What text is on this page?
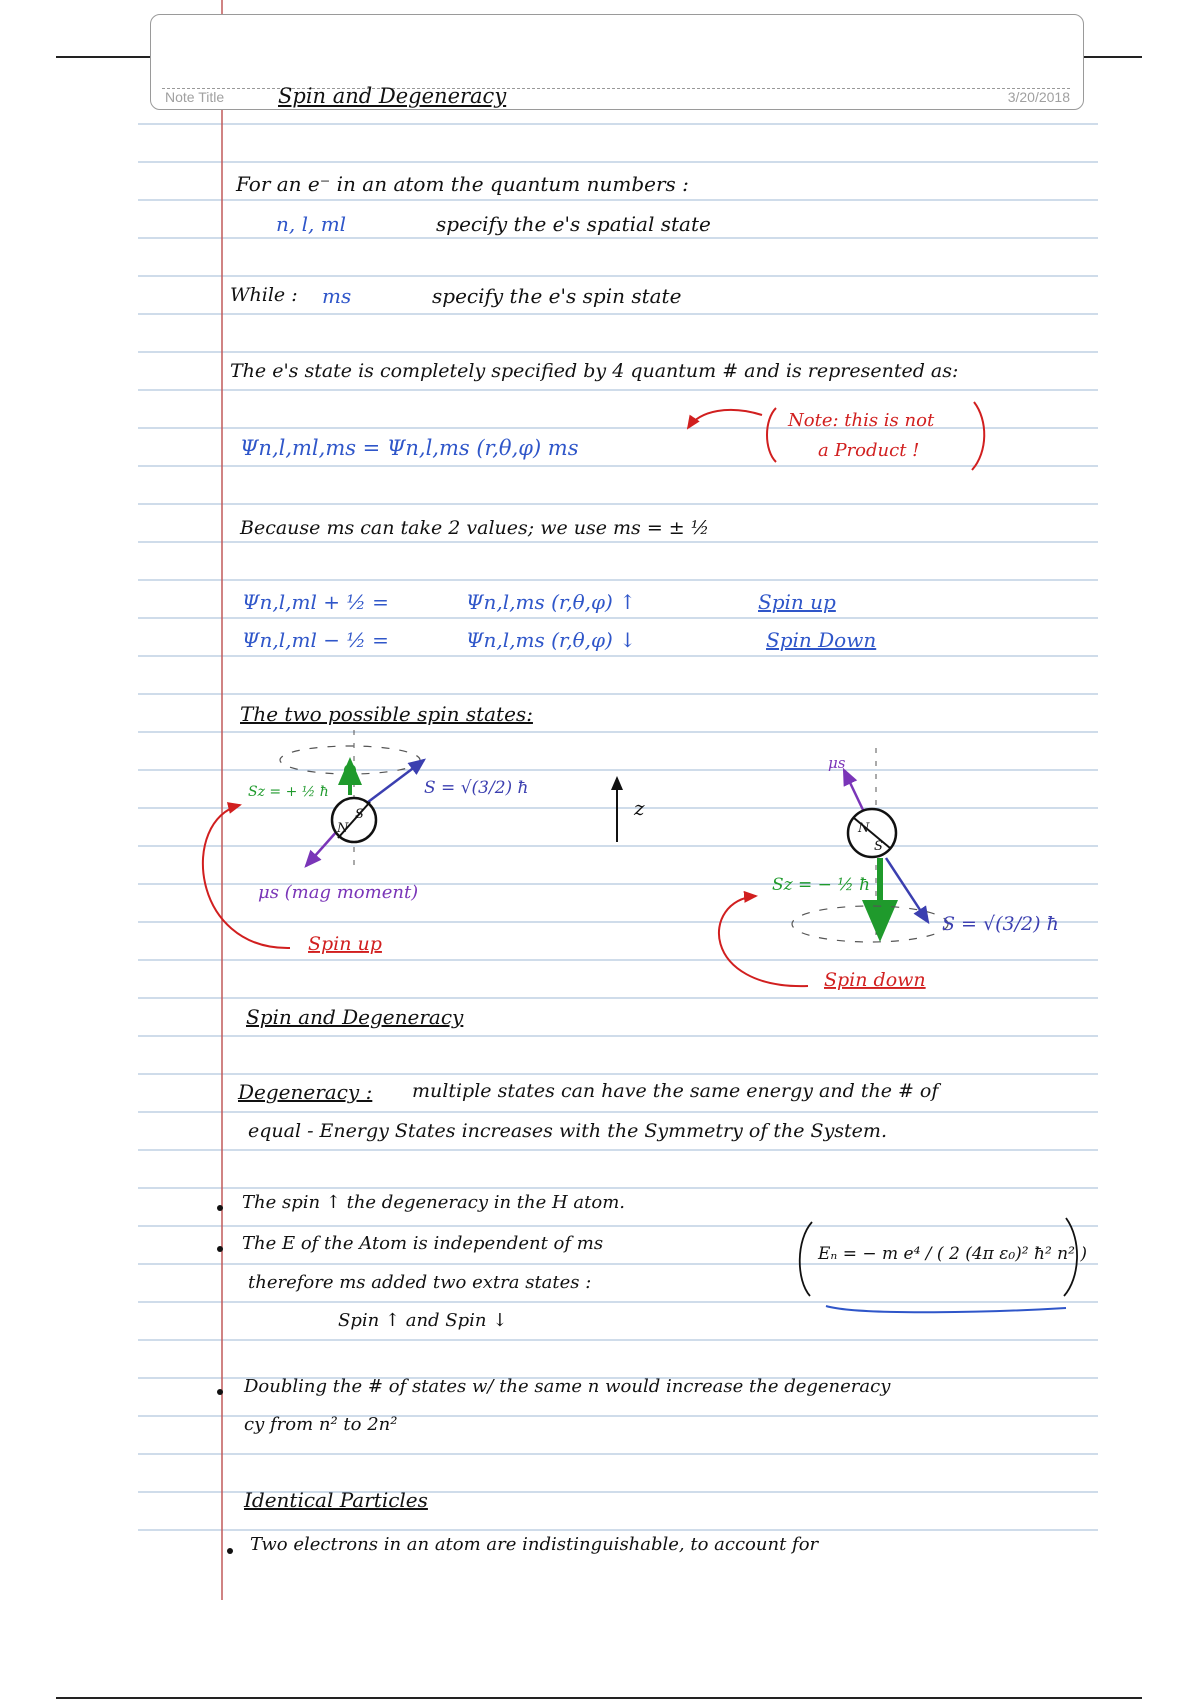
Note Title	3/20/2018
Spin and Degeneracy
For an e⁻ in an atom the quantum numbers :
n, l, ml	specify the e's spatial state
While : ms	specify the e's spin state
The e's state is completely specified by 4 quantum # and is represented as:
Ψn,l,ml,ms = Ψn,l,ms (r,θ,φ) ms
Note: this is not
a Product !
Because ms can take 2 values; we use ms = ± ½
Ψn,l,ml + ½ =	Ψn,l,ms (r,θ,φ) ↑	Spin up
Ψn,l,ml − ½ =	Ψn,l,ms (r,θ,φ) ↓	Spin Down
The two possible spin states:
N
S
Sz = + ½ ħ	S = √(3/2) ħ
μs (mag moment)
Spin up
z
μs
N
S
Sz = − ½ ħ
S = √(3/2) ħ
Spin down
Spin and Degeneracy
Degeneracy : multiple states can have the same energy and the # of
equal - Energy States increases with the Symmetry of the System.
The spin ↑ the degeneracy in the H atom.
The E of the Atom is independent of ms
therefore ms added two extra states :
Spin ↑ and Spin ↓
Eₙ = − m e⁴ / ( 2 (4π ε₀)² ħ² n² )
Doubling the # of states w/ the same n would increase the degeneracy
cy from n² to 2n²
Identical Particles
Two electrons in an atom are indistinguishable, to account for
